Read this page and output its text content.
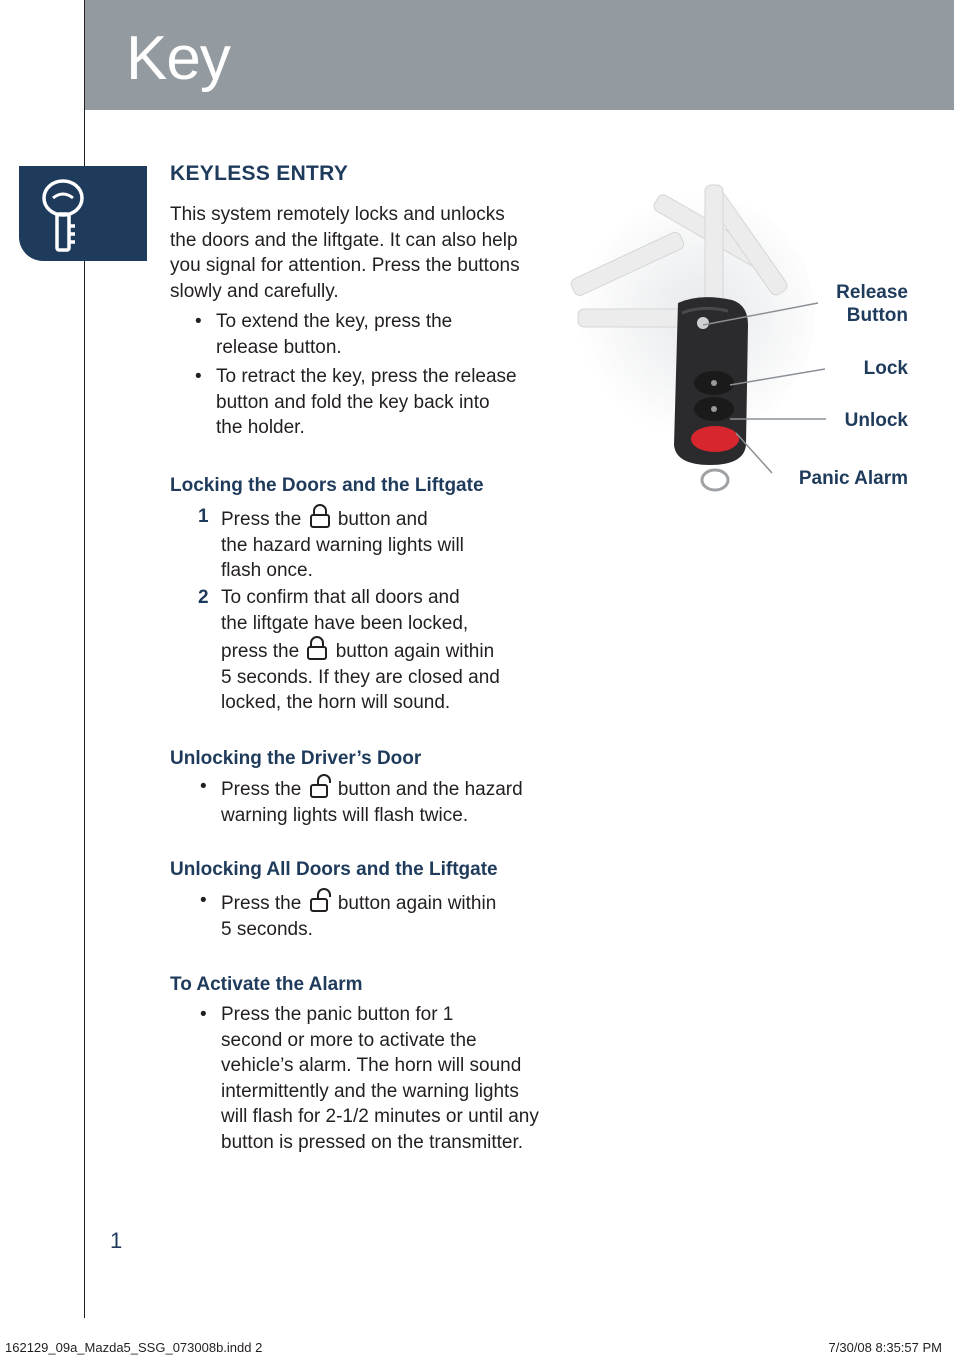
Key
KEYLESS ENTRY

This system remotely locks and unlocks

the doors and the liftgate. It can also help

you signal for attention. Press the buttons

slowly and carefully.

• To extend the key, press the
release button.
• To retract the key, press the release
button and fold the key back into
the holder.
Locking the Doors and the Liftgate
1 Press the button and
the hazard warning lights will
flash once.
2 To confirm that all doors and
the liftgate have been locked,
press the button again within
5 seconds. If they are closed and
locked, the horn will sound.
Unlocking the Driver’s Door
• Press the button and the hazard
warning lights will flash twice.
Unlocking All Doors and the Liftgate
• Press the button again within
5 seconds.
To Activate the Alarm
• Press the panic button for 1
second or more to activate the
vehicle’s alarm. The horn will sound
intermittently and the warning lights
will flash for 2-1/2 minutes or until any
button is pressed on the transmitter.
Release
Button
Lock
Unlock
Panic Alarm
1
162129_09a_Mazda5_SSG_073008b.indd 2	7/30/08 8:35:57 PM
